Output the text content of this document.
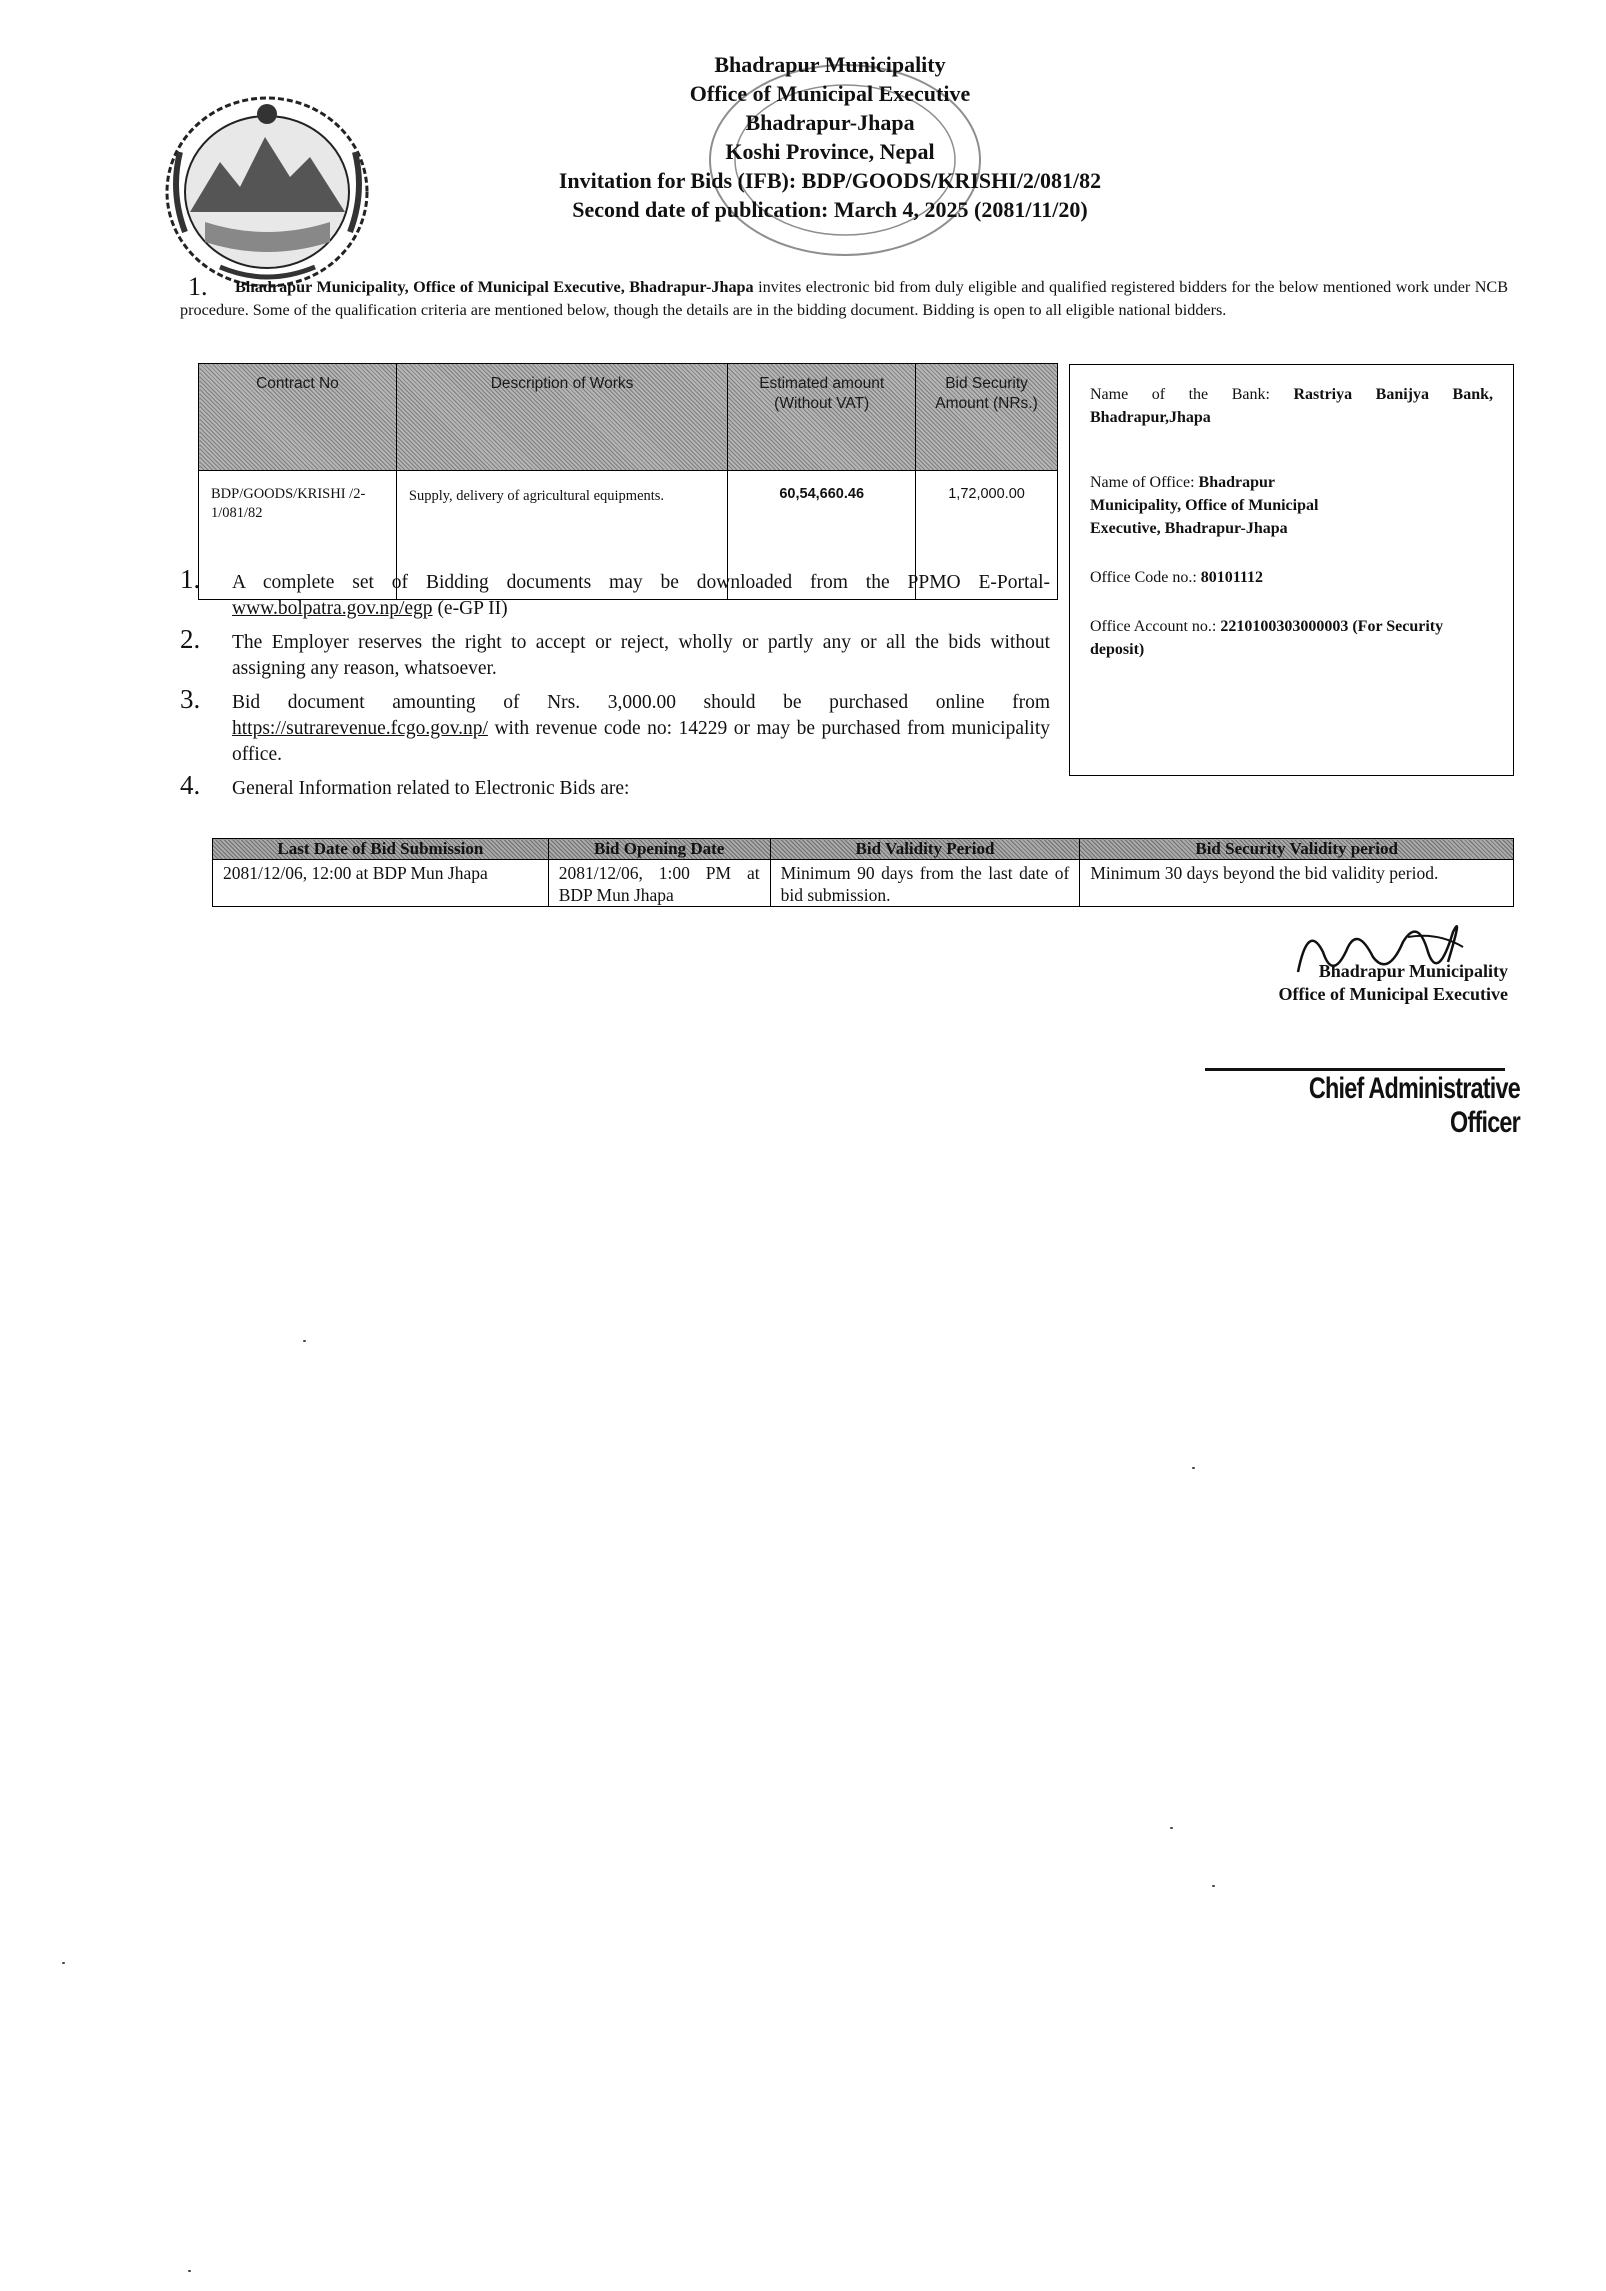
Bhadrapur Municipality
Office of Municipal Executive
Bhadrapur-Jhapa
Koshi Province, Nepal
Invitation for Bids (IFB): BDP/GOODS/KRISHI/2/081/82
Second date of publication: March 4, 2025 (2081/11/20)
1.	Bhadrapur Municipality, Office of Municipal Executive, Bhadrapur-Jhapa invites electronic bid from duly eligible and qualified registered bidders for the below mentioned work under NCB procedure. Some of the qualification criteria are mentioned below, though the details are in the bidding document. Bidding is open to all eligible national bidders.
Contract No	Description of Works	Estimated amount (Without VAT)	Bid Security Amount (NRs.)
BDP/GOODS/KRISHI /2-1/081/82	Supply, delivery of agricultural equipments.	60,54,660.46	1,72,000.00

Name of the Bank: Rastriya Banijya Bank, Bhadrapur,Jhapa

Name of Office: Bhadrapur Municipality, Office of Municipal Executive, Bhadrapur-Jhapa

Office Code no.: 80101112

Office Account no.: 2210100303000003 (For Security deposit)

1. A complete set of Bidding documents may be downloaded from the PPMO E-Portal-www.bolpatra.gov.np/egp (e-GP II)
2. The Employer reserves the right to accept or reject, wholly or partly any or all the bids without assigning any reason, whatsoever.
3. Bid document amounting of Nrs. 3,000.00 should be purchased online from https://sutrarevenue.fcgo.gov.np/ with revenue code no: 14229 or may be purchased from municipality office.
4. General Information related to Electronic Bids are:
Last Date of Bid Submission	Bid Opening Date	Bid Validity Period	Bid Security Validity period
2081/12/06, 12:00 at BDP Mun Jhapa	2081/12/06, 1:00 PM at BDP Mun Jhapa	Minimum 90 days from the last date of bid submission.	Minimum 30 days beyond the bid validity period.
Bhadrapur Municipality
Office of Municipal Executive
Chief Administrative Officer
